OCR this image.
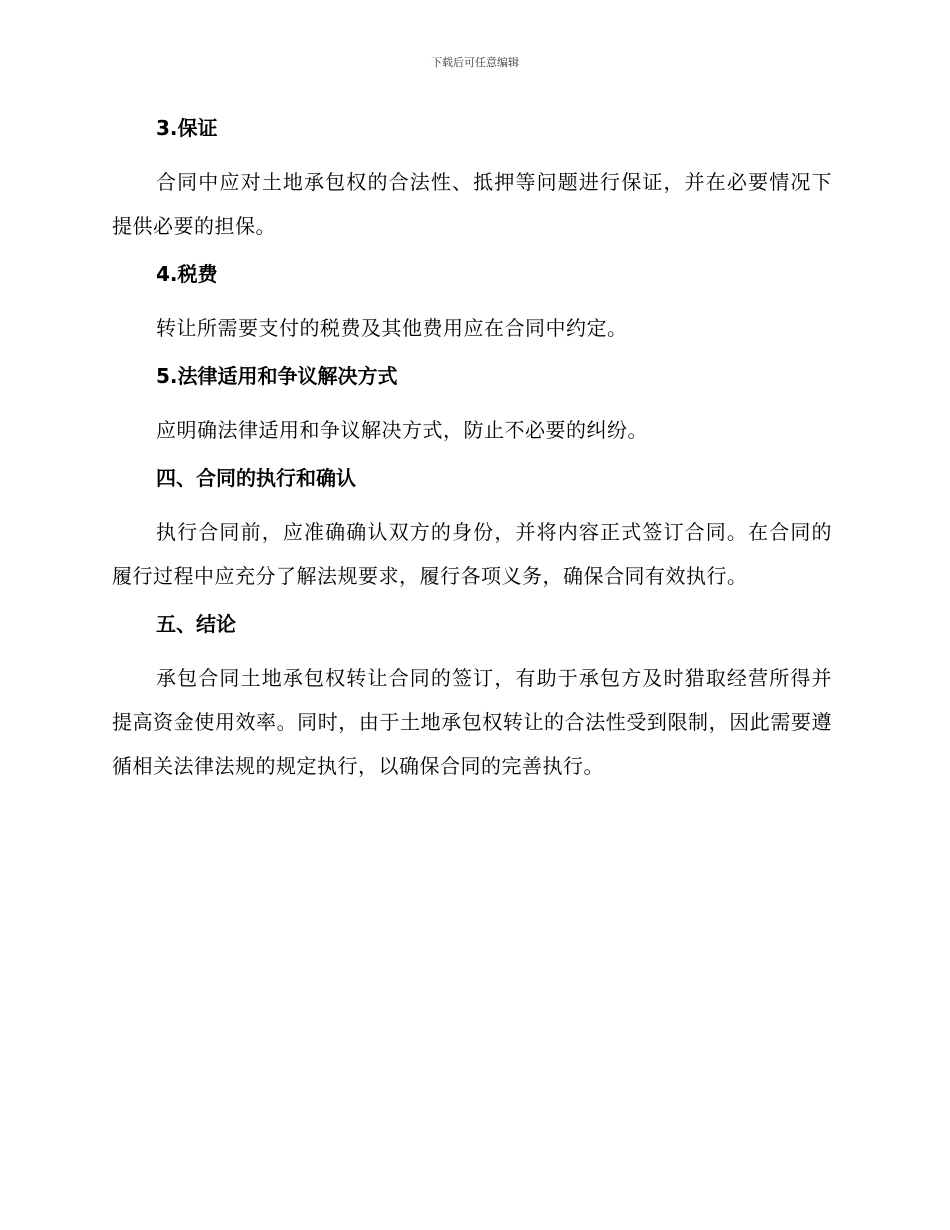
下载后可任意编辑
3.保证

合同中应对土地承包权的合法性、抵押等问题进行保证，并在必要情况下提供必要的担保。

4.税费

转让所需要支付的税费及其他费用应在合同中约定。

5.法律适用和争议解决方式

应明确法律适用和争议解决方式，防止不必要的纠纷。

四、合同的执行和确认

执行合同前，应准确确认双方的身份，并将内容正式签订合同。在合同的履行过程中应充分了解法规要求，履行各项义务，确保合同有效执行。

五、结论

承包合同土地承包权转让合同的签订，有助于承包方及时猎取经营所得并提高资金使用效率。同时，由于土地承包权转让的合法性受到限制，因此需要遵循相关法律法规的规定执行，以确保合同的完善执行。
